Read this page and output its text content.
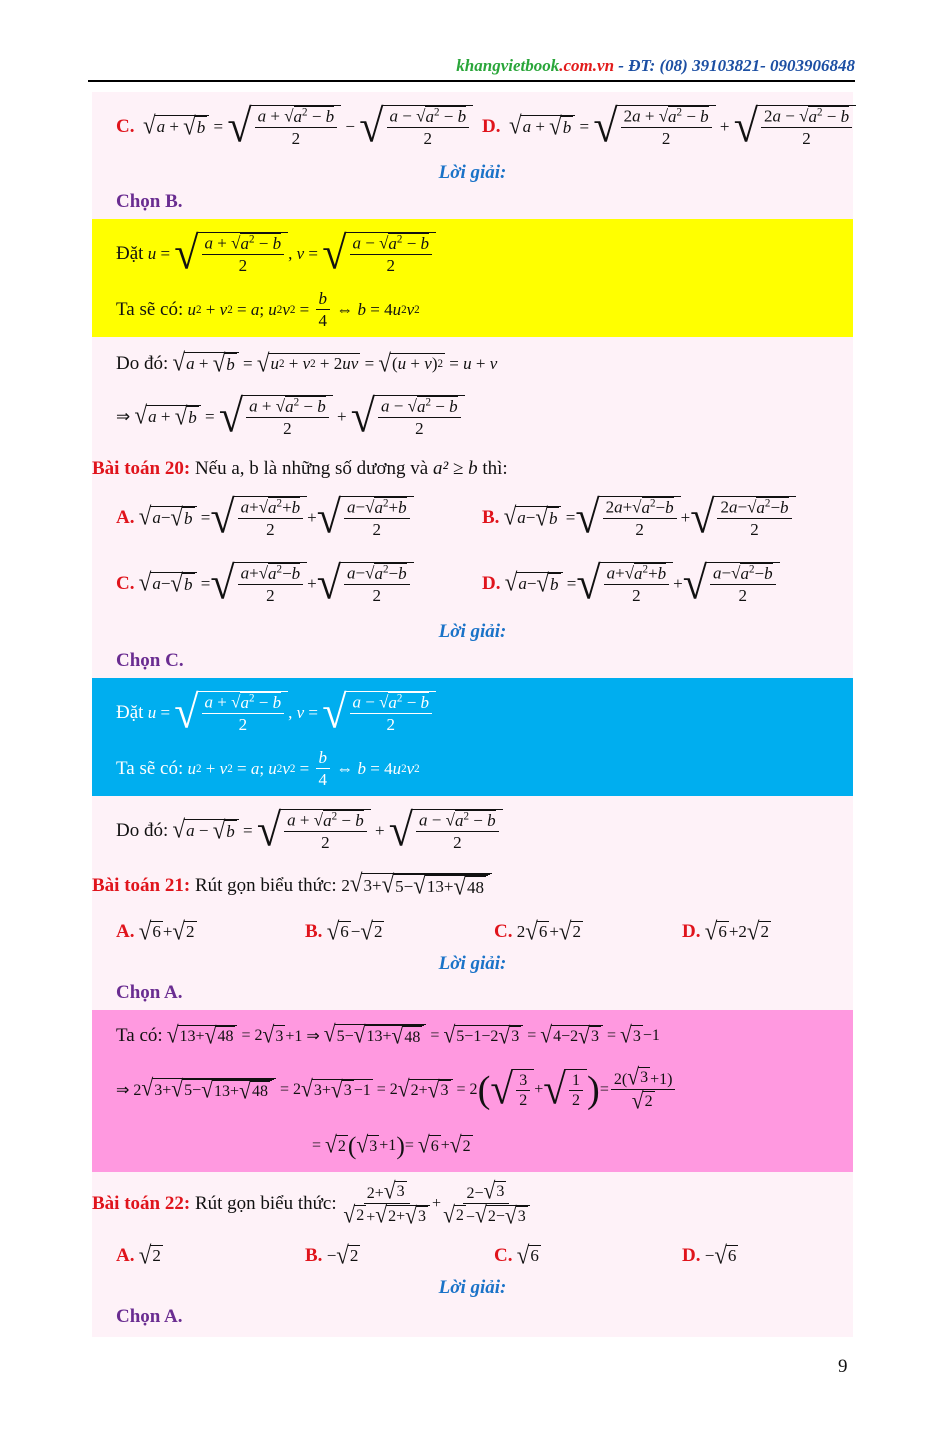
khangvietbook.com.vn - ĐT: (08) 39103821- 0903906848
C.
√ a + √ b = √ $\frac{a + √a^2 - b}{2}$ − √ $\frac{a - √a^2 - b}{2} D$.
√ a + √ b = √ $\frac{2a + √a^2 - b}{2}$ + √ $\frac{2a - √a^2 - b}{2}$
Lời giải:
Chọn B.
Đặt
u = √ $\frac{a + √a^2 - b}{2}$ , v = √ $\frac{a - √a^2 - b}{2}$
Ta sẽ có:
u 2 + v 2 = a ; u 2 v $2 = \frac{b}{4}$ ⇔ b = 4 u 2 v 2
Do đó:
√ a + √ b = √ u 2 + v 2 + 2 uv = √ ( u + v ) 2 = u + v
⇒ √ a + √ b = √ $\frac{a + √a^2 - b}{2}$ + √ $\frac{a - √a^2 - b}{2}$
Bài toán 20: Nếu a, b là những số dương và a² ≥ b thì:
A.
√ a − √ b = √ $\frac{a+√a^2+b}{2}$ + √ $\frac{a-√a^2+b}{2}$	B.
√ a − √ b = √ $\frac{2a+√a^2-b}{2}$ + √ $\frac{2a-√a^2-b}{2}$
C.
√ a − √ b = √ $\frac{a+√a^2-b}{2}$ + √ $\frac{a-√a^2-b}{2}$	D.
√ a − √ b = √ $\frac{a+√a^2+b}{2}$ + √ $\frac{a-√a^2-b}{2}$
Lời giải:
Chọn C.
Đặt
u = √ $\frac{a + √a^2 - b}{2}$ , v = √ $\frac{a - √a^2 - b}{2}$
Ta sẽ có:
u 2 + v 2 = a ; u 2 v $2 = \frac{b}{4}$ ⇔ b = 4 u 2 v 2
Do đó:
√ a − √ b = √ $\frac{a + √a^2 - b}{2}$ + √ $\frac{a - √a^2 - b}{2}$
Bài toán 21: Rút gọn biểu thức: 2 √ 3+ √ 5− √ 13+ √ 48
A.
√ 6 + √ 2	B.
√ 6 − √ 2	C.
2 √ 6 + √ 2	D.
√ 6 +2 √ 2
Lời giải:
Chọn A.
Ta có:
√ 13+ √ 48 = 2 √ 3 +1 ⇒ √ 5− √ 13+ √ 48 = √ 5−1−2 √ 3 = √ 4−2 √ 3 = √ 3 −1
⇒ 2 √ 3+ √ 5− √ 13+ √ 48 = 2 √ 3+ √ 3 −1 = 2 √ 2+ √ 3 = 2 ( √ $\frac{3}{2}$ + √ $\frac{1}{2}$ ) = $\frac{2( √ 3 +1)}{√ 2}$
= √ 2 ( √ 3 +1 ) = √ 6 + √ 2
Bài toán 22: Rút gọn biểu thức: $\frac{2+ √ 3}{√ 2 + √ 2+ √ 3} + \frac{2- √ 3}{√ 2 - √ 2- √ 3}$
A.
√ 2	B.
− √ 2	C.
√ 6	D.
− √ 6
Lời giải:
Chọn A.
9
